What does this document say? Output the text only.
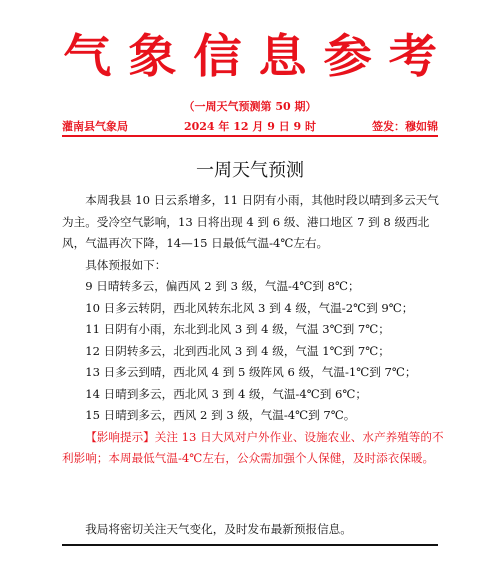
气象信息参考
（一周天气预测第 50 期）
灌南县气象局	2024 年 12 月 9 日 9 时	签发：穆如锦
一周天气预测

本周我县 10 日云系增多，11 日阴有小雨，其他时段以晴到多云天气为主。受冷空气影响，13 日将出现 4 到 6 级、港口地区 7 到 8 级西北风，气温再次下降，14—15 日最低气温-4℃左右。

具体预报如下：

9 日晴转多云，偏西风 2 到 3 级，气温-4℃到 8℃；

10 日多云转阴，西北风转东北风 3 到 4 级，气温-2℃到 9℃；

11 日阴有小雨，东北到北风 3 到 4 级，气温 3℃到 7℃；

12 日阴转多云，北到西北风 3 到 4 级，气温 1℃到 7℃；

13 日多云到晴，西北风 4 到 5 级阵风 6 级，气温-1℃到 7℃；

14 日晴到多云，西北风 3 到 4 级，气温-4℃到 6℃；

15 日晴到多云，西风 2 到 3 级，气温-4℃到 7℃。

【影响提示】关注 13 日大风对户外作业、设施农业、水产养殖等的不利影响；本周最低气温-4℃左右，公众需加强个人保健，及时添衣保暖。

我局将密切关注天气变化，及时发布最新预报信息。
